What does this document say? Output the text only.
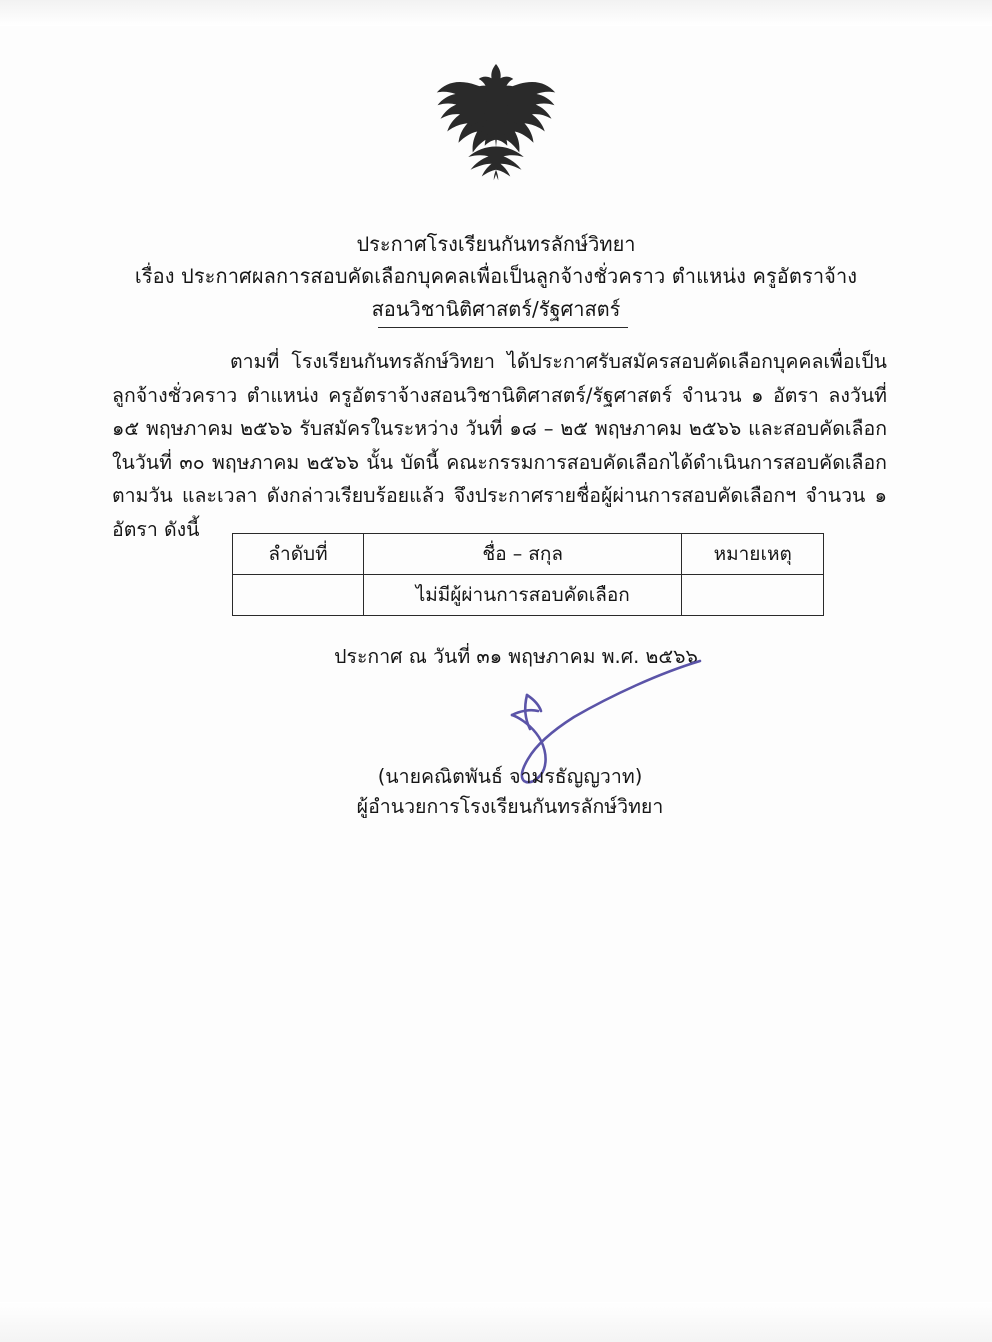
ประกาศโรงเรียนกันทรลักษ์วิทยา
เรื่อง ประกาศผลการสอบคัดเลือกบุคคลเพื่อเป็นลูกจ้างชั่วคราว ตำแหน่ง ครูอัตราจ้าง
สอนวิชานิติศาสตร์/รัฐศาสตร์
ตามที่ โรงเรียนกันทรลักษ์วิทยา ได้ประกาศรับสมัครสอบคัดเลือกบุคคลเพื่อเป็นลูกจ้างชั่วคราว ตำแหน่ง ครูอัตราจ้างสอนวิชานิติศาสตร์/รัฐศาสตร์ จำนวน ๑ อัตรา ลงวันที่ ๑๕ พฤษภาคม ๒๕๖๖ รับสมัครในระหว่าง วันที่ ๑๘ – ๒๕ พฤษภาคม ๒๕๖๖ และสอบคัดเลือก ในวันที่ ๓๐ พฤษภาคม ๒๕๖๖ นั้น บัดนี้ คณะกรรมการสอบคัดเลือกได้ดำเนินการสอบคัดเลือกตามวัน และเวลา ดังกล่าวเรียบร้อยแล้ว จึงประกาศรายชื่อผู้ผ่านการสอบคัดเลือกฯ จำนวน ๑ อัตรา ดังนี้
ลำดับที่	ชื่อ – สกุล	หมายเหตุ
	ไม่มีผู้ผ่านการสอบคัดเลือก	
ประกาศ ณ วันที่ ๓๑ พฤษภาคม พ.ศ. ๒๕๖๖
(นายคณิตพันธ์ จามรธัญญวาท)
ผู้อำนวยการโรงเรียนกันทรลักษ์วิทยา
